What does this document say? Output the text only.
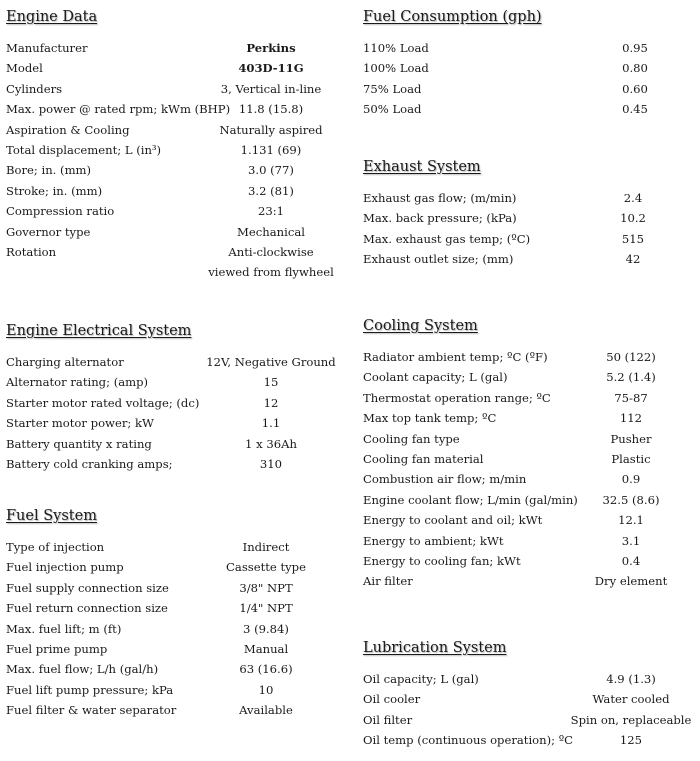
Engine Data
Manufacturer	Perkins
Model	403D-11G
Cylinders	3, Vertical in-line
Max. power @ rated rpm; kWm (BHP) 11.8 (15.8)
Aspiration & Cooling	Naturally aspired
Total displacement; L (in³)	1.131 (69)
Bore; in. (mm)	3.0 (77)
Stroke; in. (mm)	3.2 (81)
Compression ratio	23:1
Governor type	Mechanical
Rotation	Anti-clockwise
viewed from flywheel
Engine Electrical System
Charging alternator	12V, Negative Ground
Alternator rating; (amp)	15
Starter motor rated voltage; (dc)	12
Starter motor power; kW	1.1
Battery quantity x rating	1 x 36Ah
Battery cold cranking amps;	310
Fuel System
Type of injection	Indirect
Fuel injection pump	Cassette type
Fuel supply connection size	3/8" NPT
Fuel return connection size	1/4" NPT
Max. fuel lift; m (ft)	3 (9.84)
Fuel prime pump	Manual
Max. fuel flow; L/h (gal/h)	63 (16.6)
Fuel lift pump pressure; kPa	10
Fuel filter & water separator	Available
Fuel Consumption (gph)
110% Load	0.95
100% Load	0.80
75% Load	0.60
50% Load	0.45
Exhaust System
Exhaust gas flow; (m/min)	2.4
Max. back pressure; (kPa)	10.2
Max. exhaust gas temp; (ºC)	515
Exhaust outlet size; (mm)	42
Cooling System
Radiator ambient temp; ºC (ºF)	50 (122)
Coolant capacity; L (gal)	5.2 (1.4)
Thermostat operation range; ºC	75-87
Max top tank temp; ºC	112
Cooling fan type	Pusher
Cooling fan material	Plastic
Combustion air flow; m/min	0.9
Engine coolant flow; L/min (gal/min) 32.5 (8.6)
Energy to coolant and oil; kWt	12.1
Energy to ambient; kWt	3.1
Energy to cooling fan; kWt	0.4
Air filter	Dry element
Lubrication System
Oil capacity; L (gal)	4.9 (1.3)
Oil cooler	Water cooled
Oil filter	Spin on, replaceable
Oil temp (continuous operation); ºC	125
